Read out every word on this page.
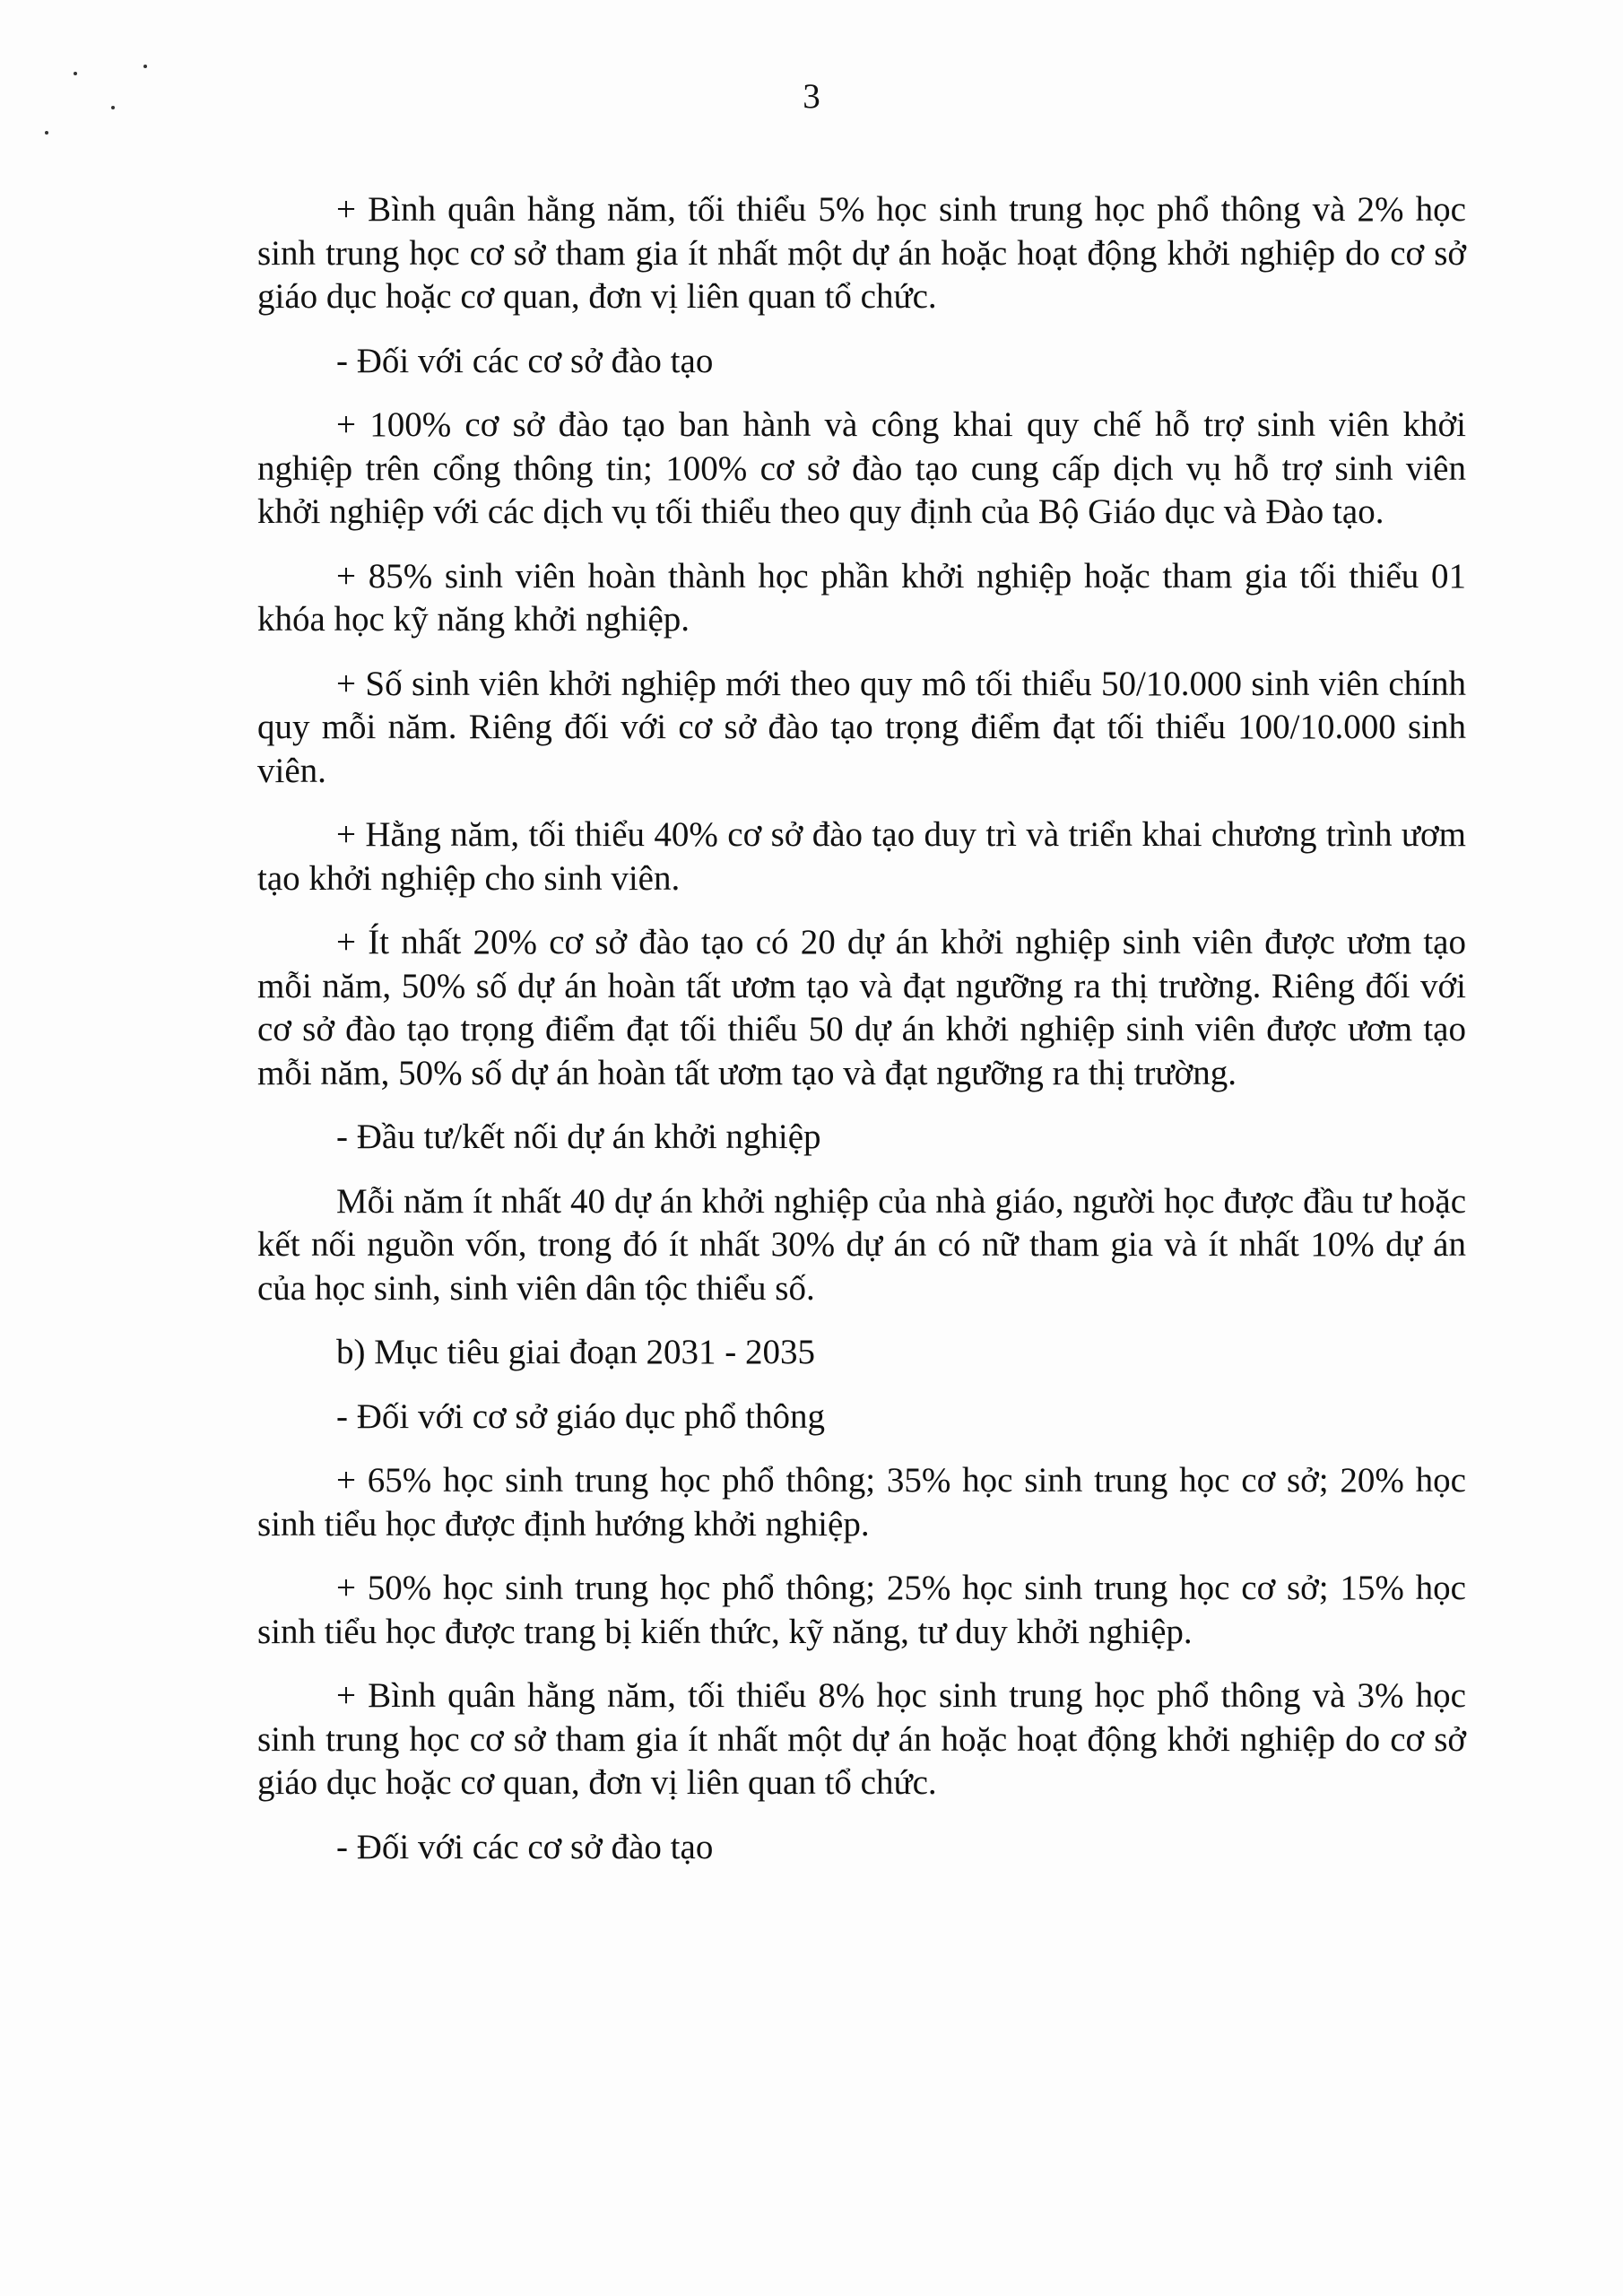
3

+ Bình quân hằng năm, tối thiểu 5% học sinh trung học phổ thông và 2% học sinh trung học cơ sở tham gia ít nhất một dự án hoặc hoạt động khởi nghiệp do cơ sở giáo dục hoặc cơ quan, đơn vị liên quan tổ chức.

- Đối với các cơ sở đào tạo

+ 100% cơ sở đào tạo ban hành và công khai quy chế hỗ trợ sinh viên khởi nghiệp trên cổng thông tin; 100% cơ sở đào tạo cung cấp dịch vụ hỗ trợ sinh viên khởi nghiệp với các dịch vụ tối thiểu theo quy định của Bộ Giáo dục và Đào tạo.

+ 85% sinh viên hoàn thành học phần khởi nghiệp hoặc tham gia tối thiểu 01 khóa học kỹ năng khởi nghiệp.

+ Số sinh viên khởi nghiệp mới theo quy mô tối thiểu 50/10.000 sinh viên chính quy mỗi năm. Riêng đối với cơ sở đào tạo trọng điểm đạt tối thiểu 100/10.000 sinh viên.

+ Hằng năm, tối thiểu 40% cơ sở đào tạo duy trì và triển khai chương trình ươm tạo khởi nghiệp cho sinh viên.

+ Ít nhất 20% cơ sở đào tạo có 20 dự án khởi nghiệp sinh viên được ươm tạo mỗi năm, 50% số dự án hoàn tất ươm tạo và đạt ngưỡng ra thị trường. Riêng đối với cơ sở đào tạo trọng điểm đạt tối thiểu 50 dự án khởi nghiệp sinh viên được ươm tạo mỗi năm, 50% số dự án hoàn tất ươm tạo và đạt ngưỡng ra thị trường.

- Đầu tư/kết nối dự án khởi nghiệp

Mỗi năm ít nhất 40 dự án khởi nghiệp của nhà giáo, người học được đầu tư hoặc kết nối nguồn vốn, trong đó ít nhất 30% dự án có nữ tham gia và ít nhất 10% dự án của học sinh, sinh viên dân tộc thiểu số.

b) Mục tiêu giai đoạn 2031 - 2035

- Đối với cơ sở giáo dục phổ thông

+ 65% học sinh trung học phổ thông; 35% học sinh trung học cơ sở; 20% học sinh tiểu học được định hướng khởi nghiệp.

+ 50% học sinh trung học phổ thông; 25% học sinh trung học cơ sở; 15% học sinh tiểu học được trang bị kiến thức, kỹ năng, tư duy khởi nghiệp.

+ Bình quân hằng năm, tối thiểu 8% học sinh trung học phổ thông và 3% học sinh trung học cơ sở tham gia ít nhất một dự án hoặc hoạt động khởi nghiệp do cơ sở giáo dục hoặc cơ quan, đơn vị liên quan tổ chức.

- Đối với các cơ sở đào tạo
